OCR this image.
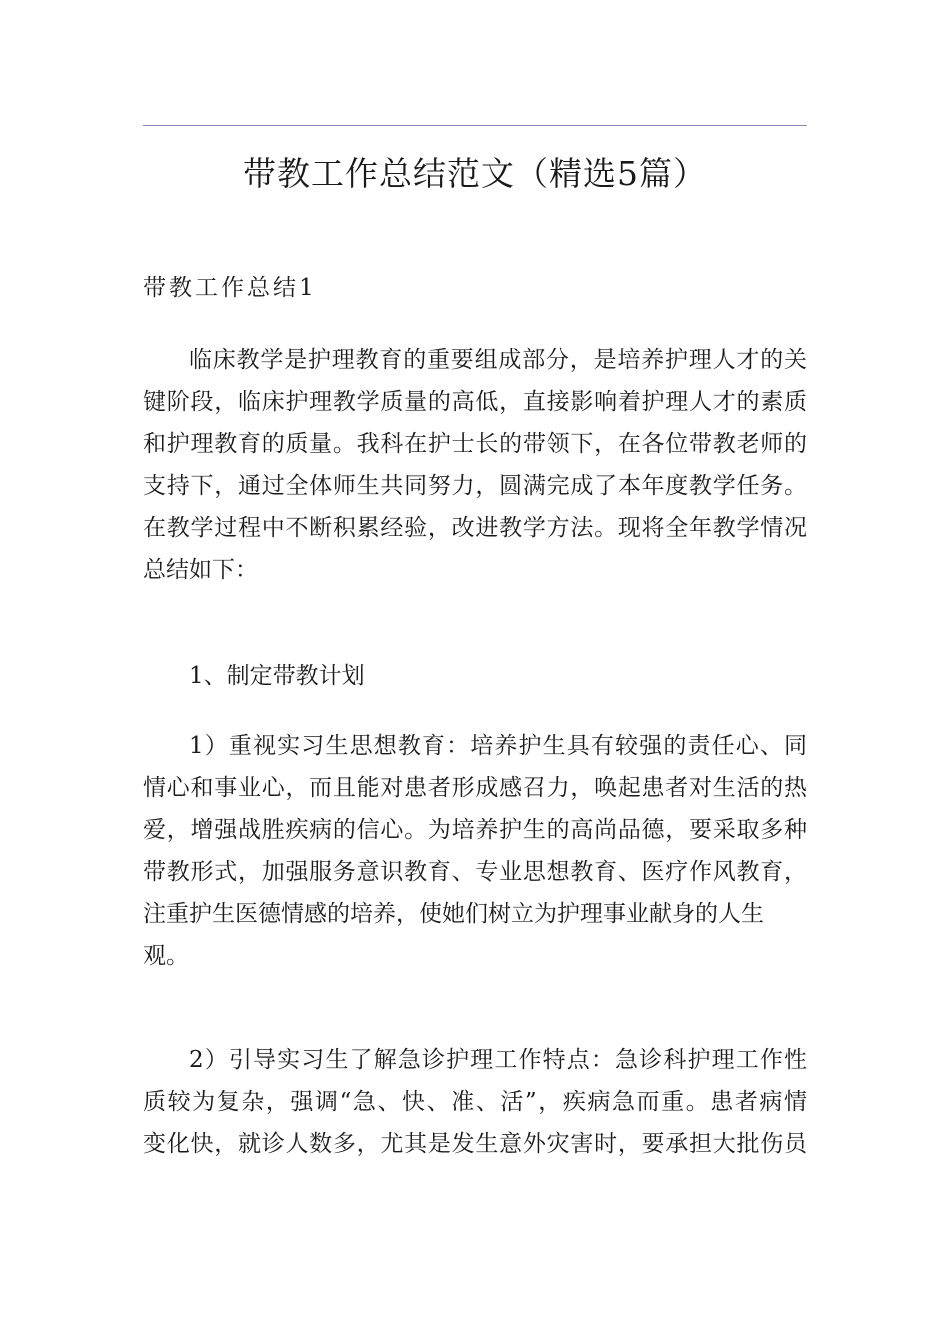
带教工作总结范文（精选5篇）
带教工作总结1
临床教学是护理教育的重要组成部分，是培养护理人才的关
键阶段，临床护理教学质量的高低，直接影响着护理人才的素质
和护理教育的质量。我科在护士长的带领下，在各位带教老师的
支持下，通过全体师生共同努力，圆满完成了本年度教学任务。
在教学过程中不断积累经验，改进教学方法。现将全年教学情况
总结如下：
1、制定带教计划
1）重视实习生思想教育：培养护生具有较强的责任心、同
情心和事业心，而且能对患者形成感召力，唤起患者对生活的热
爱，增强战胜疾病的信心。为培养护生的高尚品德，要采取多种
带教形式，加强服务意识教育、专业思想教育、医疗作风教育，
注重护生医德情感的培养，使她们树立为护理事业献身的人生
观。
2）引导实习生了解急诊护理工作特点：急诊科护理工作性
质较为复杂，强调“急、快、准、活”，疾病急而重。患者病情
变化快，就诊人数多，尤其是发生意外灾害时，要承担大批伤员
